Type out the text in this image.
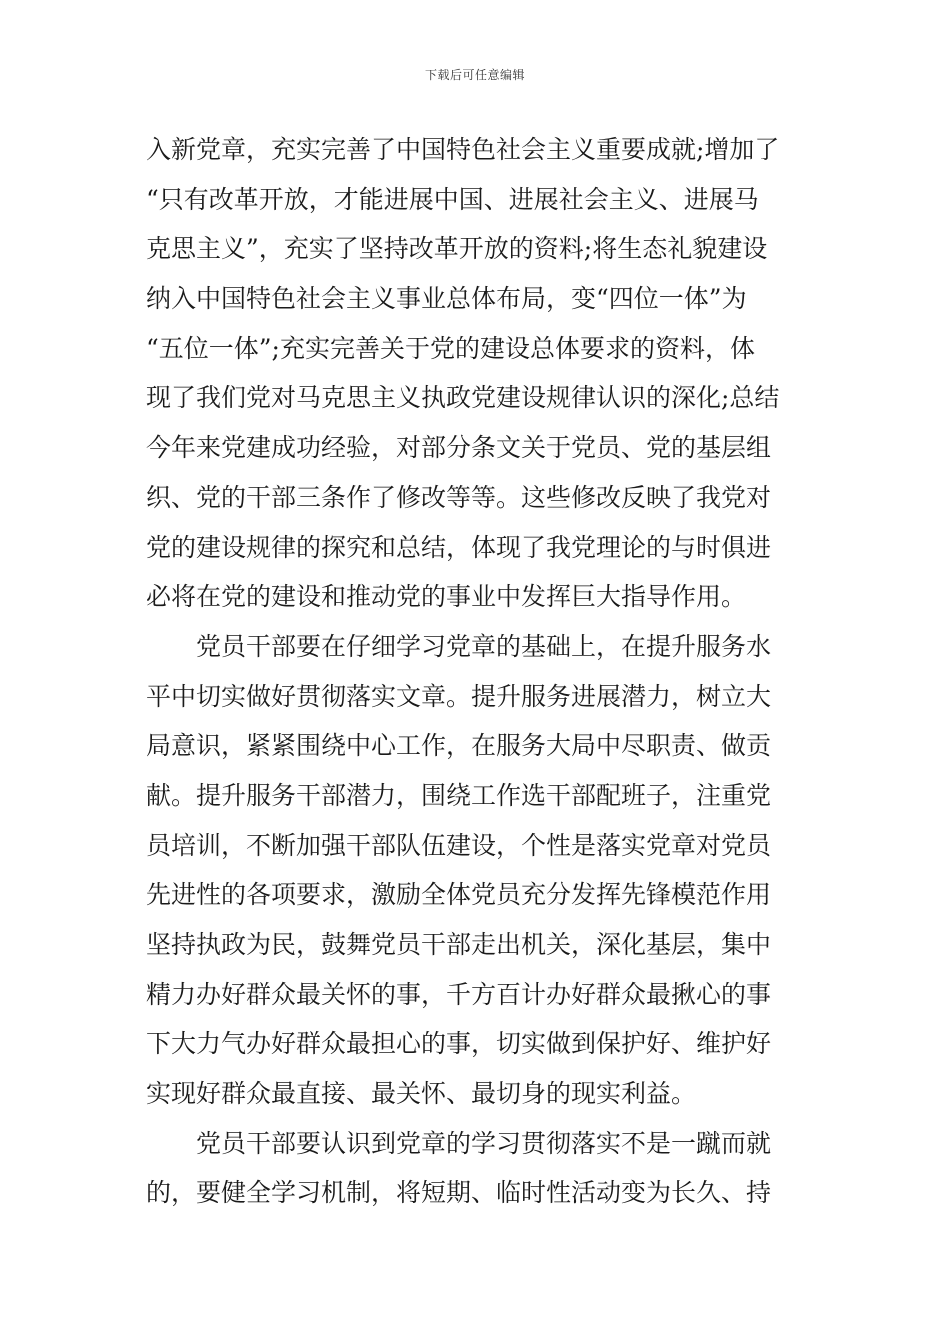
下载后可任意编辑
入新党章，充实完善了中国特色社会主义重要成就;增加了
“只有改革开放，才能进展中国、进展社会主义、进展马
克思主义”，充实了坚持改革开放的资料;将生态礼貌建设
纳入中国特色社会主义事业总体布局，变“四位一体”为
“五位一体”;充实完善关于党的建设总体要求的资料，体
现了我们党对马克思主义执政党建设规律认识的深化;总结
今年来党建成功经验，对部分条文关于党员、党的基层组
织、党的干部三条作了修改等等。这些修改反映了我党对
党的建设规律的探究和总结，体现了我党理论的与时俱进
必将在党的建设和推动党的事业中发挥巨大指导作用。
党员干部要在仔细学习党章的基础上，在提升服务水
平中切实做好贯彻落实文章。提升服务进展潜力，树立大
局意识，紧紧围绕中心工作，在服务大局中尽职责、做贡
献。提升服务干部潜力，围绕工作选干部配班子，注重党
员培训，不断加强干部队伍建设，个性是落实党章对党员
先进性的各项要求，激励全体党员充分发挥先锋模范作用
坚持执政为民，鼓舞党员干部走出机关，深化基层，集中
精力办好群众最关怀的事，千方百计办好群众最揪心的事
下大力气办好群众最担心的事，切实做到保护好、维护好
实现好群众最直接、最关怀、最切身的现实利益。
党员干部要认识到党章的学习贯彻落实不是一蹴而就
的，要健全学习机制，将短期、临时性活动变为长久、持
